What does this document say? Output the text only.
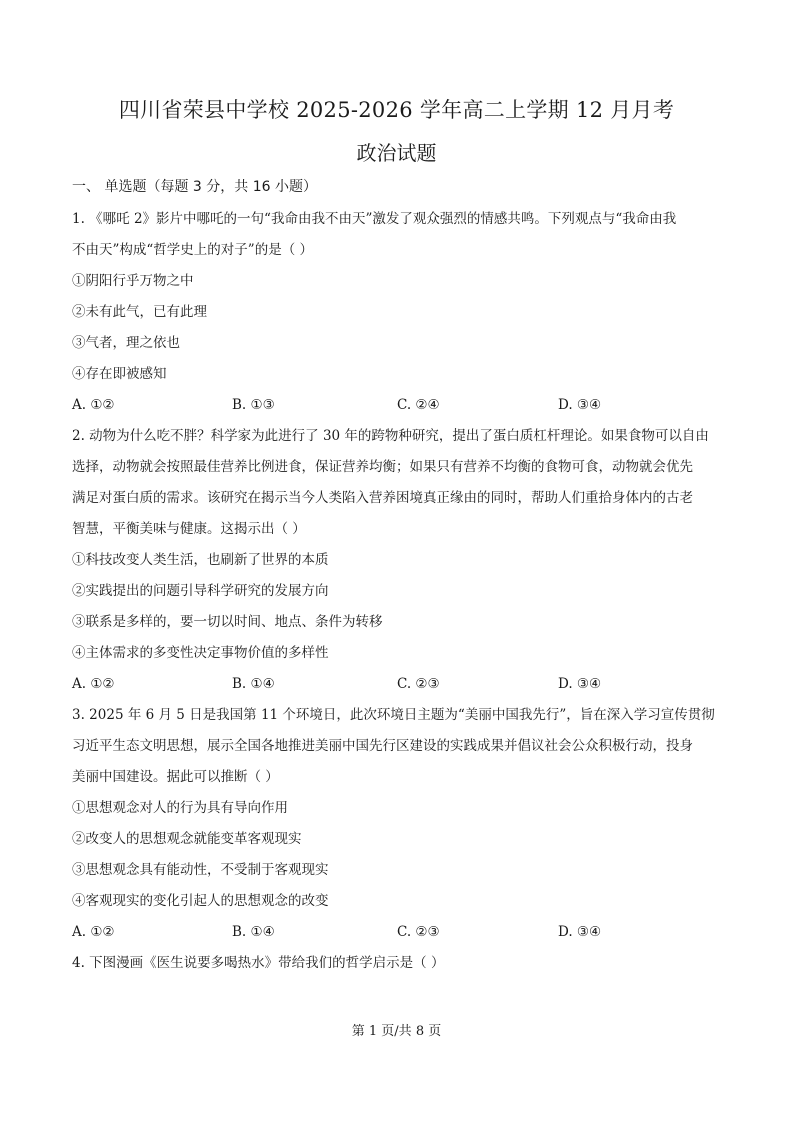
四川省荣县中学校 2025-2026 学年高二上学期 12 月月考
政治试题
一、 单选题（每题 3 分，共 16 小题）
1. 《哪吒 2》影片中哪吒的一句“我命由我不由天”激发了观众强烈的情感共鸣。下列观点与“我命由我
不由天”构成“哲学史上的对子”的是（ ）
①阴阳行乎万物之中
②未有此气，已有此理
③气者，理之依也
④存在即被感知
A. ①②	B. ①③	C. ②④	D. ③④
2. 动物为什么吃不胖？科学家为此进行了 30 年的跨物种研究，提出了蛋白质杠杆理论。如果食物可以自由
选择，动物就会按照最佳营养比例进食，保证营养均衡；如果只有营养不均衡的食物可食，动物就会优先
满足对蛋白质的需求。该研究在揭示当今人类陷入营养困境真正缘由的同时，帮助人们重拾身体内的古老
智慧，平衡美味与健康。这揭示出（ ）
①科技改变人类生活，也刷新了世界的本质
②实践提出的问题引导科学研究的发展方向
③联系是多样的，要一切以时间、地点、条件为转移
④主体需求的多变性决定事物价值的多样性
A. ①②	B. ①④	C. ②③	D. ③④
3. 2025 年 6 月 5 日是我国第 11 个环境日，此次环境日主题为“美丽中国我先行”，旨在深入学习宣传贯彻
习近平生态文明思想，展示全国各地推进美丽中国先行区建设的实践成果并倡议社会公众积极行动，投身
美丽中国建设。据此可以推断（ ）
①思想观念对人的行为具有导向作用
②改变人的思想观念就能变革客观现实
③思想观念具有能动性，不受制于客观现实
④客观现实的变化引起人的思想观念的改变
A. ①②	B. ①④	C. ②③	D. ③④
4. 下图漫画《医生说要多喝热水》带给我们的哲学启示是（ ）
第 1 页/共 8 页
